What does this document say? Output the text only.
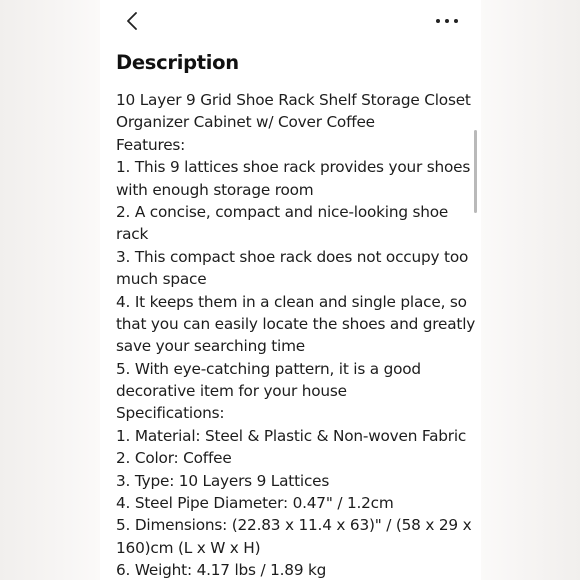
Description
10 Layer 9 Grid Shoe Rack Shelf Storage Closet
Organizer Cabinet w/ Cover Coffee
Features:
1. This 9 lattices shoe rack provides your shoes
with enough storage room
2. A concise, compact and nice-looking shoe
rack
3. This compact shoe rack does not occupy too
much space
4. It keeps them in a clean and single place, so
that you can easily locate the shoes and greatly
save your searching time
5. With eye-catching pattern, it is a good
decorative item for your house
Specifications:
1. Material: Steel & Plastic & Non-woven Fabric
2. Color: Coffee
3. Type: 10 Layers 9 Lattices
4. Steel Pipe Diameter: 0.47" / 1.2cm
5. Dimensions: (22.83 x 11.4 x 63)" / (58 x 29 x
160)cm (L x W x H)
6. Weight: 4.17 lbs / 1.89 kg
